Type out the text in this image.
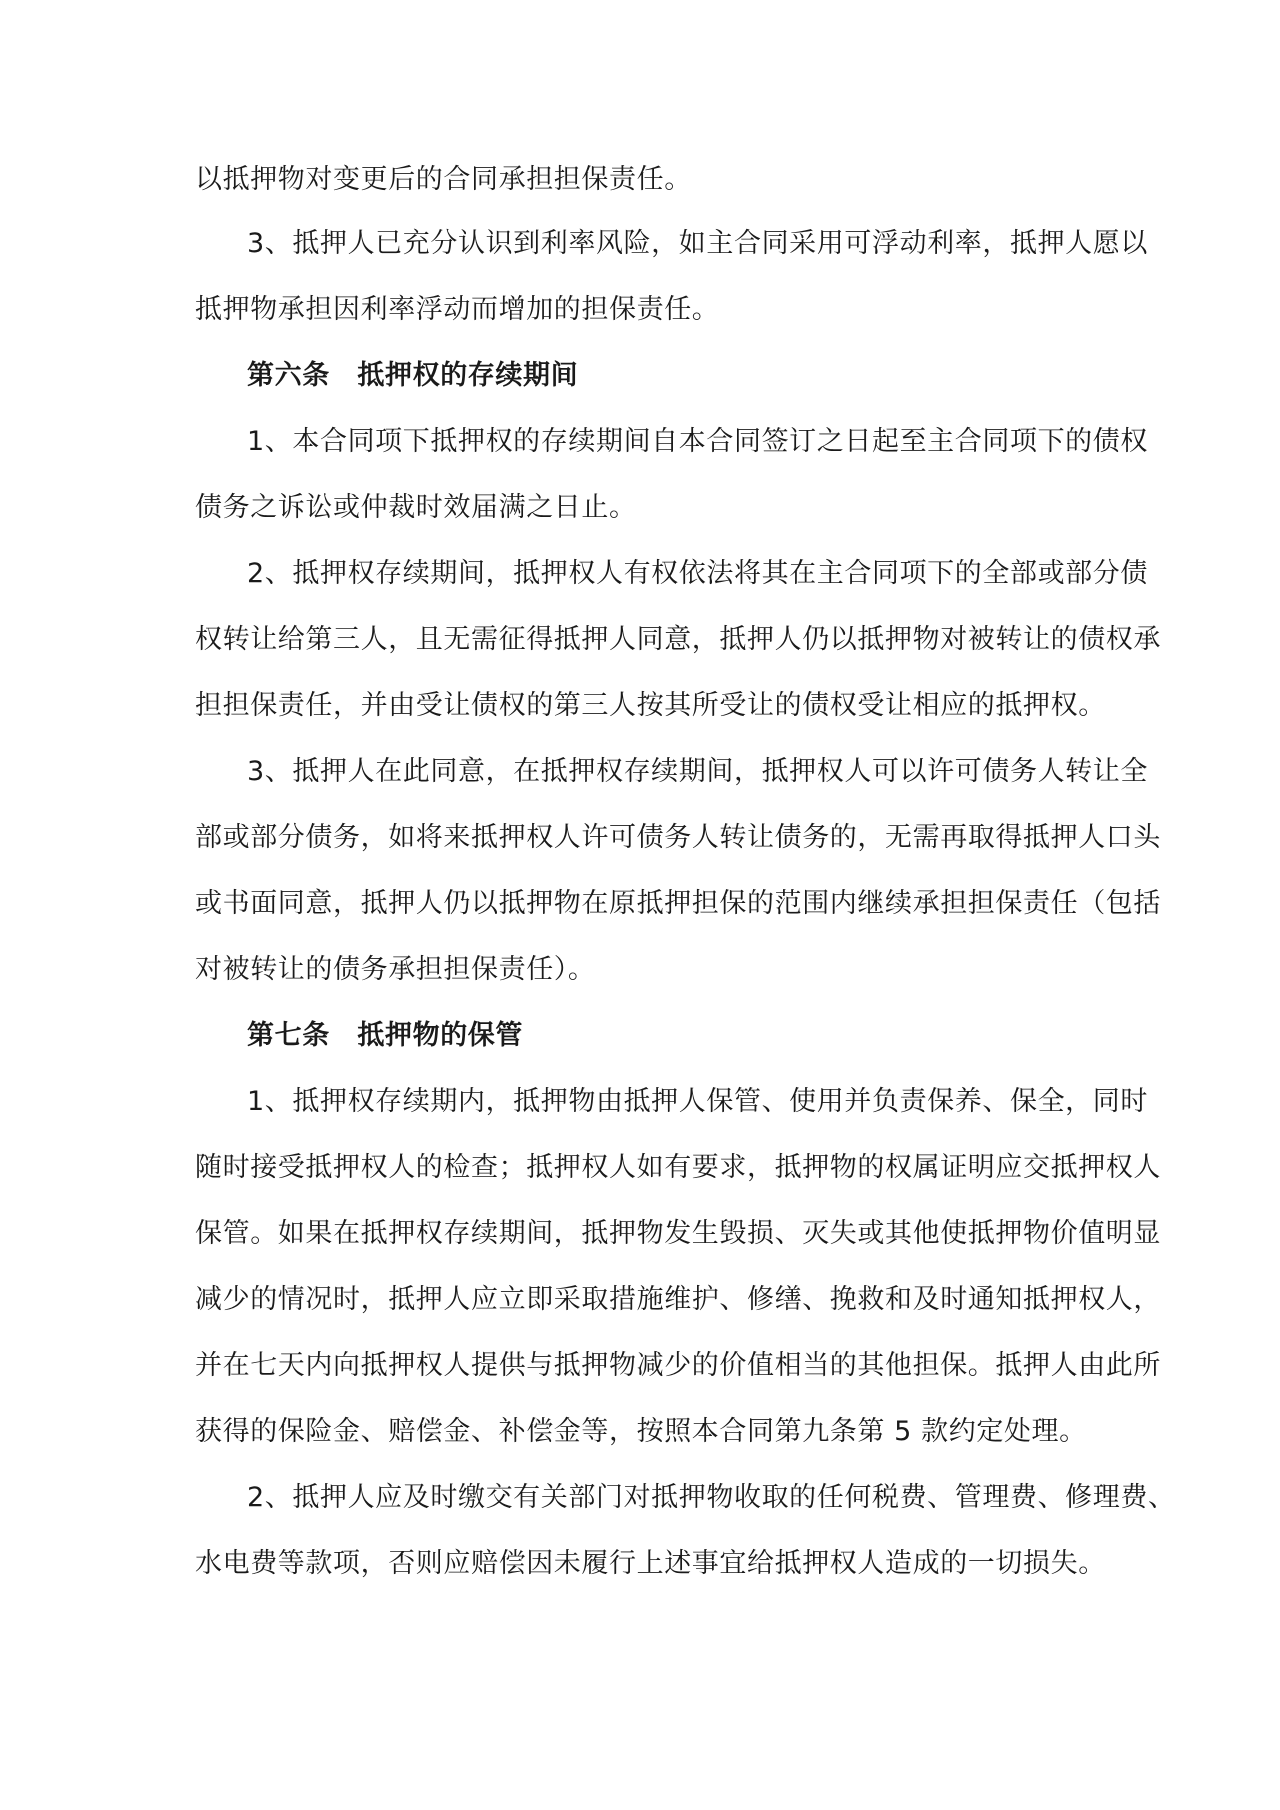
以抵押物对变更后的合同承担担保责任。
3、抵押人已充分认识到利率风险，如主合同采用可浮动利率，抵押人愿以
抵押物承担因利率浮动而增加的担保责任。
第六条　抵押权的存续期间
1、本合同项下抵押权的存续期间自本合同签订之日起至主合同项下的债权
债务之诉讼或仲裁时效届满之日止。
2、抵押权存续期间，抵押权人有权依法将其在主合同项下的全部或部分债
权转让给第三人，且无需征得抵押人同意，抵押人仍以抵押物对被转让的债权承
担担保责任，并由受让债权的第三人按其所受让的债权受让相应的抵押权。
3、抵押人在此同意，在抵押权存续期间，抵押权人可以许可债务人转让全
部或部分债务，如将来抵押权人许可债务人转让债务的，无需再取得抵押人口头
或书面同意，抵押人仍以抵押物在原抵押担保的范围内继续承担担保责任（包括
对被转让的债务承担担保责任）。
第七条　抵押物的保管
1、抵押权存续期内，抵押物由抵押人保管、使用并负责保养、保全，同时
随时接受抵押权人的检查；抵押权人如有要求，抵押物的权属证明应交抵押权人
保管。如果在抵押权存续期间，抵押物发生毁损、灭失或其他使抵押物价值明显
减少的情况时，抵押人应立即采取措施维护、修缮、挽救和及时通知抵押权人，
并在七天内向抵押权人提供与抵押物减少的价值相当的其他担保。抵押人由此所
获得的保险金、赔偿金、补偿金等，按照本合同第九条第 5 款约定处理。
2、抵押人应及时缴交有关部门对抵押物收取的任何税费、管理费、修理费、
水电费等款项，否则应赔偿因未履行上述事宜给抵押权人造成的一切损失。
